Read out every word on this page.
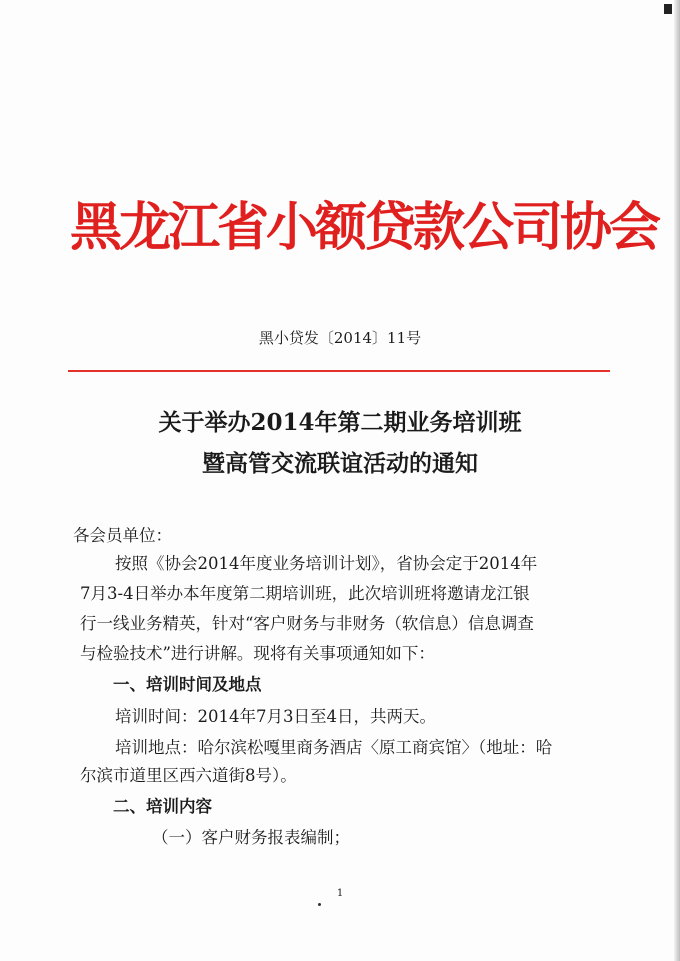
黑龙江省小额贷款公司协会
黑小贷发〔2014〕11号
关于举办2014年第二期业务培训班
暨高管交流联谊活动的通知
各会员单位：
按照《协会2014年度业务培训计划》，省协会定于2014年
7月3-4日举办本年度第二期培训班，此次培训班将邀请龙江银
行一线业务精英，针对“客户财务与非财务（软信息）信息调查
与检验技术”进行讲解。现将有关事项通知如下：
一、培训时间及地点
培训时间：2014年7月3日至4日，共两天。
培训地点：哈尔滨松嘎里商务酒店〈原工商宾馆〉（地址：哈
尔滨市道里区西六道街8号）。
二、培训内容
（一）客户财务报表编制；
1
